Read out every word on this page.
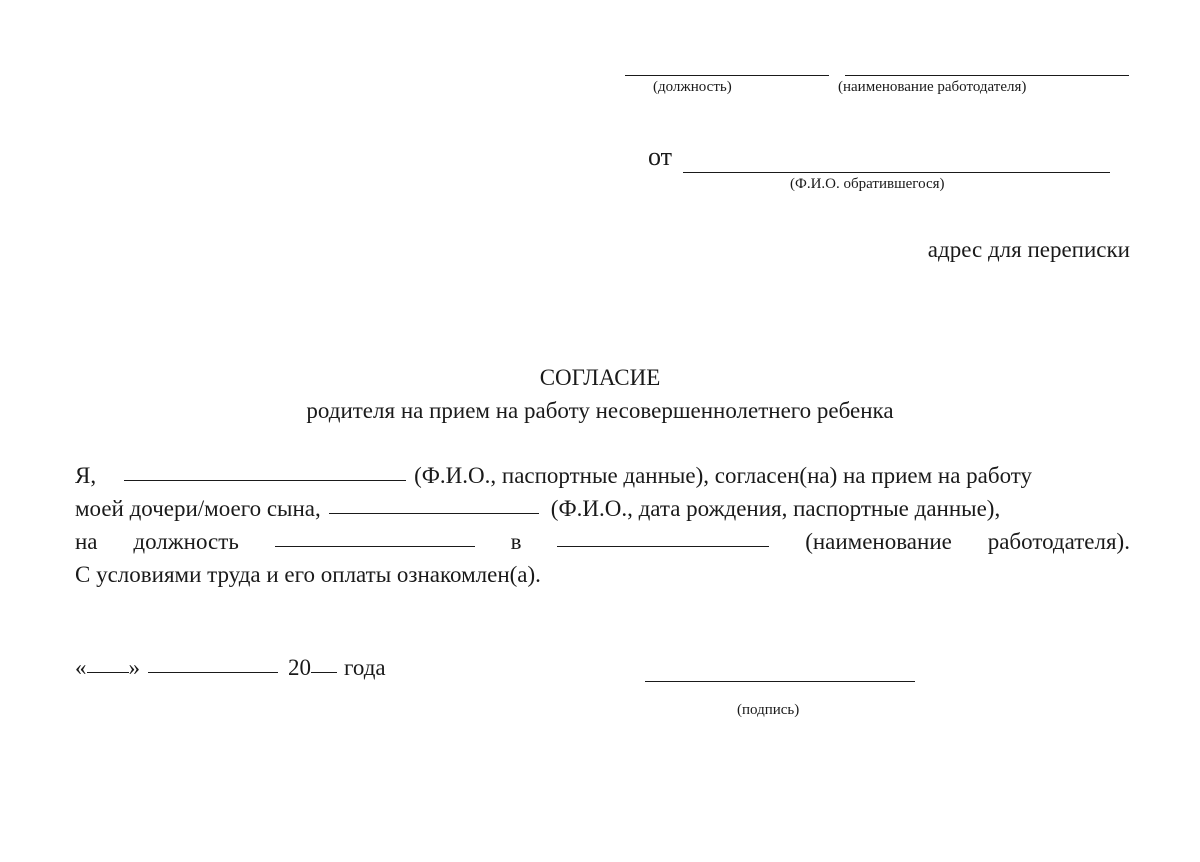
(должность)	(наименование работодателя)
от
(Ф.И.О. обратившегося)
адрес для переписки
СОГЛАСИЕ
родителя на прием на работу несовершеннолетнего ребенка
Я,	(Ф.И.О., паспортные данные), согласен(на) на прием на работу
моей дочери/моего сына,	(Ф.И.О., дата рождения, паспортные данные),
на должность	в	(наименование работодателя).
С условиями труда и его оплаты ознакомлен(а).
« »	20 года
(подпись)
